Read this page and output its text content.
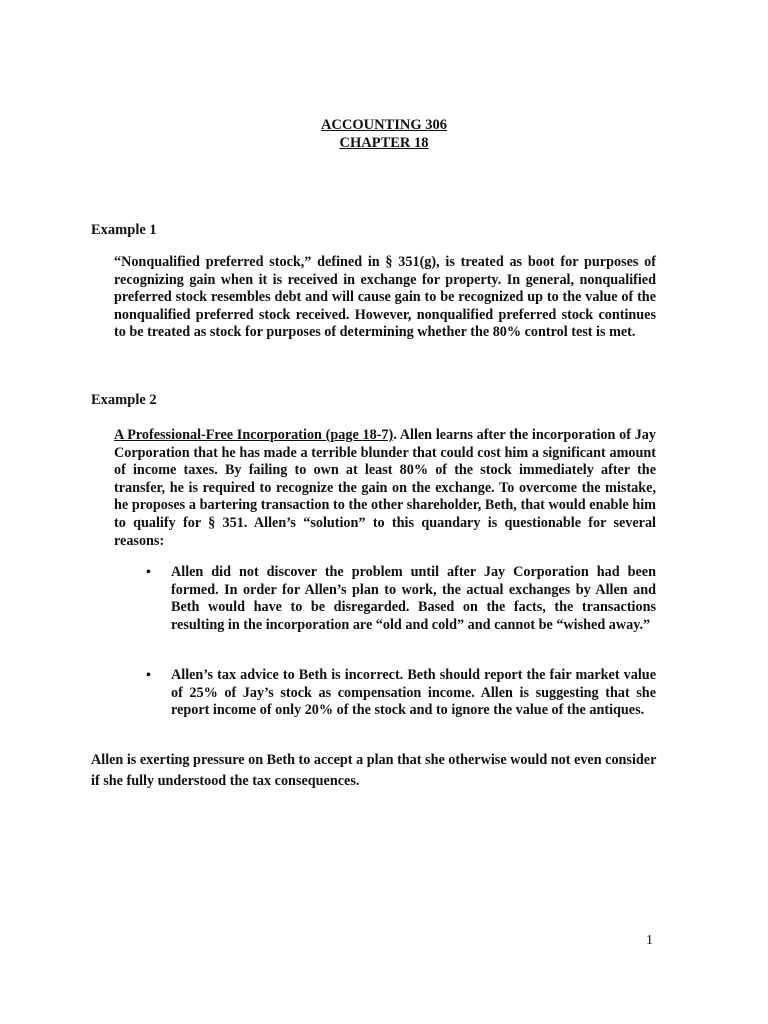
ACCOUNTING 306
CHAPTER 18
Example 1

“Nonqualified preferred stock,” defined in § 351(g), is treated as boot for purposes of recognizing gain when it is received in exchange for property. In general, nonqualified preferred stock resembles debt and will cause gain to be recognized up to the value of the nonqualified preferred stock received. However, nonqualified preferred stock continues to be treated as stock for purposes of determining whether the 80% control test is met.

Example 2

A Professional-Free Incorporation (page 18-7). Allen learns after the incorporation of Jay Corporation that he has made a terrible blunder that could cost him a significant amount of income taxes. By failing to own at least 80% of the stock immediately after the transfer, he is required to recognize the gain on the exchange. To overcome the mistake, he proposes a bartering transaction to the other shareholder, Beth, that would enable him to qualify for § 351. Allen’s “solution” to this quandary is questionable for several reasons:

• Allen did not discover the problem until after Jay Corporation had been formed. In order for Allen’s plan to work, the actual exchanges by Allen and Beth would have to be disregarded. Based on the facts, the transactions resulting in the incorporation are “old and cold” and cannot be “wished away.”

• Allen’s tax advice to Beth is incorrect. Beth should report the fair market value of 25% of Jay’s stock as compensation income. Allen is suggesting that she report income of only 20% of the stock and to ignore the value of the antiques.

Allen is exerting pressure on Beth to accept a plan that she otherwise would not even consider if she fully understood the tax consequences.

1
